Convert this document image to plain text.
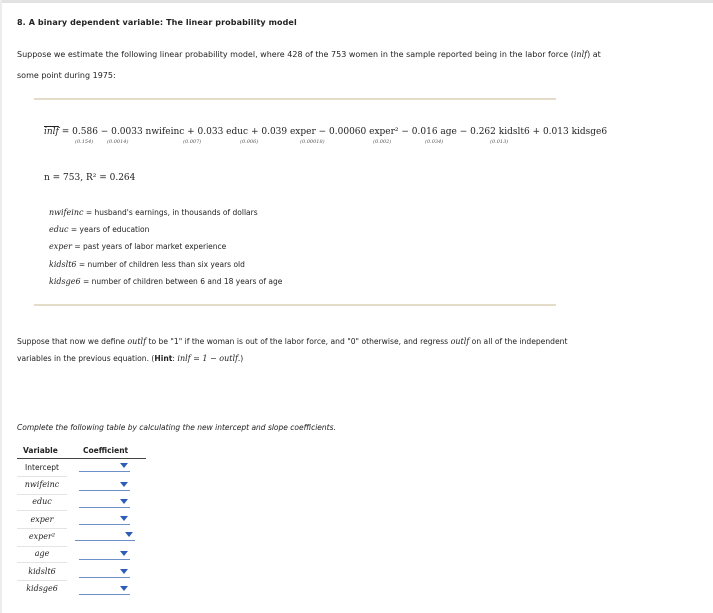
8. A binary dependent variable: The linear probability model
Suppose we estimate the following linear probability model, where 428 of the 753 women in the sample reported being in the labor force (inlf) at
some point during 1975:
inlf = 0.586 − 0.0033 nwifeinc + 0.033 educ + 0.039 exper − 0.00060 exper² − 0.016 age − 0.262 kidslt6 + 0.013 kidsge6
(0.154)	(0.0014)	(0.007)	(0.006)	(0.00018)	(0.002)	(0.034)	(0.013)
n = 753, R² = 0.264
nwifeinc = husband's earnings, in thousands of dollars
educ = years of education
exper = past years of labor market experience
kidslt6 = number of children less than six years old
kidsge6 = number of children between 6 and 18 years of age
Suppose that now we define outlf to be "1" if the woman is out of the labor force, and "0" otherwise, and regress outlf on all of the independent
variables in the previous equation. (Hint: inlf = 1 − outlf.)
Complete the following table by calculating the new intercept and slope coefficients.
Variable	Coefficient
Intercept
nwifeinc
educ
exper
exper²
age
kidslt6
kidsge6
